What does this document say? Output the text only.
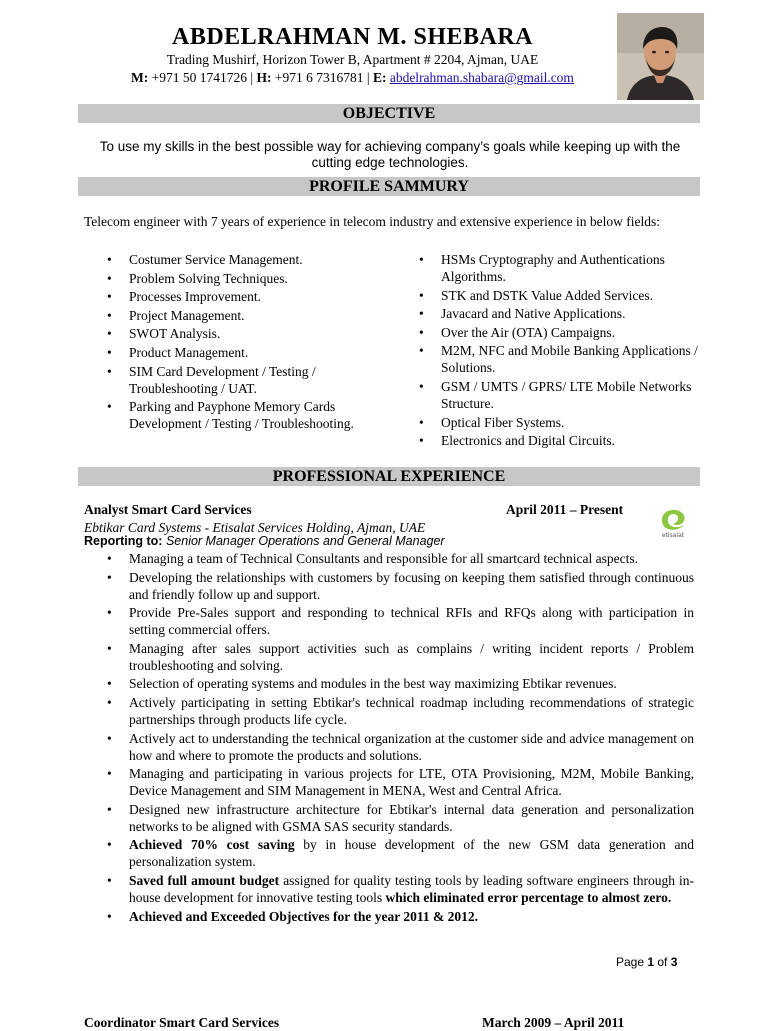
ABDELRAHMAN M. SHEBARA
Trading Mushirf, Horizon Tower B, Apartment # 2204, Ajman, UAE
M: +971 50 1741726 | H: +971 6 7316781 | E: abdelrahman.shabara@gmail.com
OBJECTIVE
To use my skills in the best possible way for achieving company’s goals while keeping up with the cutting edge technologies.
PROFILE SAMMURY
Telecom engineer with 7 years of experience in telecom industry and extensive experience in below fields:
• Costumer Service Management.
• Problem Solving Techniques.
• Processes Improvement.
• Project Management.
• SWOT Analysis.
• Product Management.
• SIM Card Development / Testing / Troubleshooting / UAT.
• Parking and Payphone Memory Cards Development / Testing / Troubleshooting.
• HSMs Cryptography and Authentications Algorithms.
• STK and DSTK Value Added Services.
• Javacard and Native Applications.
• Over the Air (OTA) Campaigns.
• M2M, NFC and Mobile Banking Applications / Solutions.
• GSM / UMTS / GPRS/ LTE Mobile Networks Structure.
• Optical Fiber Systems.
• Electronics and Digital Circuits.
PROFESSIONAL EXPERIENCE
Analyst Smart Card Services	April 2011 – Present
Ebtikar Card Systems - Etisalat Services Holding, Ajman, UAE
Reporting to: Senior Manager Operations and General Manager	etisalat
• Managing a team of Technical Consultants and responsible for all smartcard technical aspects.
• Developing the relationships with customers by focusing on keeping them satisfied through continuous and friendly follow up and support.
• Provide Pre-Sales support and responding to technical RFIs and RFQs along with participation in setting commercial offers.
• Managing after sales support activities such as complains / writing incident reports / Problem troubleshooting and solving.
• Selection of operating systems and modules in the best way maximizing Ebtikar revenues.
• Actively participating in setting Ebtikar's technical roadmap including recommendations of strategic partnerships through products life cycle.
• Actively act to understanding the technical organization at the customer side and advice management on how and where to promote the products and solutions.
• Managing and participating in various projects for LTE, OTA Provisioning, M2M, Mobile Banking, Device Management and SIM Management in MENA, West and Central Africa.
• Designed new infrastructure architecture for Ebtikar's internal data generation and personalization networks to be aligned with GSMA SAS security standards.
• Achieved 70% cost saving by in house development of the new GSM data generation and personalization system.
• Saved full amount budget assigned for quality testing tools by leading software engineers through in-house development for innovative testing tools which eliminated error percentage to almost zero.
• Achieved and Exceeded Objectives for the year 2011 & 2012.
Page 1 of 3
Coordinator Smart Card Services	March 2009 – April 2011
